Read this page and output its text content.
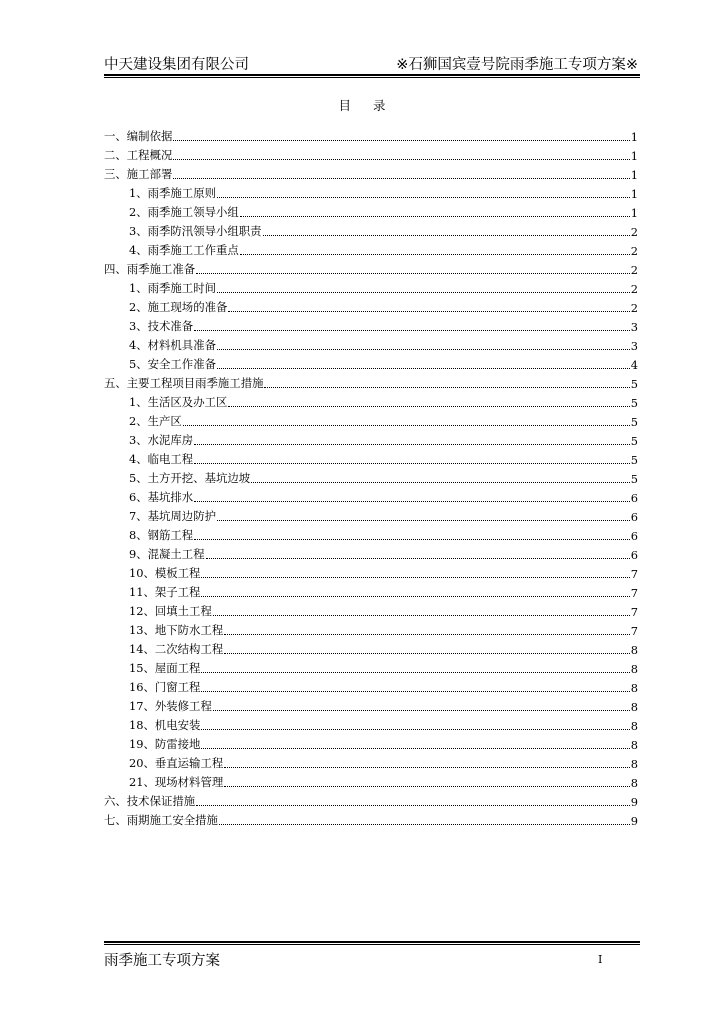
中天建设集团有限公司	※石狮国宾壹号院雨季施工专项方案※
目录
一、编制依据	1
二、工程概况	1
三、施工部署	1
1、雨季施工原则	1
2、雨季施工领导小组	1
3、雨季防汛领导小组职责	2
4、雨季施工工作重点	2
四、雨季施工准备	2
1、雨季施工时间	2
2、施工现场的准备	2
3、技术准备	3
4、材料机具准备	3
5、安全工作准备	4
五、主要工程项目雨季施工措施	5
1、生活区及办工区	5
2、生产区	5
3、水泥库房	5
4、临电工程	5
5、土方开挖、基坑边坡	5
6、基坑排水	6
7、基坑周边防护	6
8、钢筋工程	6
9、混凝土工程	6
10、模板工程	7
11、架子工程	7
12、回填土工程	7
13、地下防水工程	7
14、二次结构工程	8
15、屋面工程	8
16、门窗工程	8
17、外装修工程	8
18、机电安装	8
19、防雷接地	8
20、垂直运输工程	8
21、现场材料管理	8
六、技术保证措施	9
七、雨期施工安全措施	9
雨季施工专项方案	I
